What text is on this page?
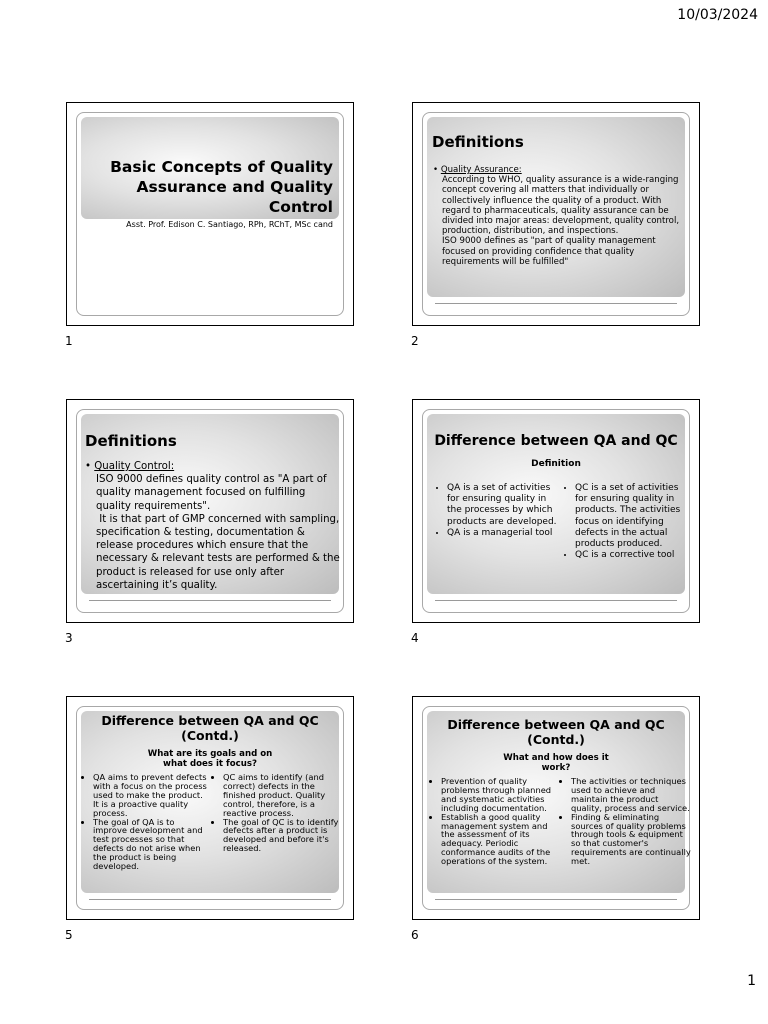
10/03/2024
Basic Concepts of Quality Assurance and Quality Control
Asst. Prof. Edison C. Santiago, RPh, RChT, MSc cand
1
Definitions
• Quality Assurance:
According to WHO, quality assurance is a wide-ranging concept covering all matters that individually or collectively influence the quality of a product. With regard to pharmaceuticals, quality assurance can be divided into major areas: development, quality control, production, distribution, and inspections.
ISO 9000 defines as "part of quality management focused on providing confidence that quality requirements will be fulfilled"
2
Definitions
• Quality Control:
ISO 9000 defines quality control as "A part of quality management focused on fulfilling quality requirements".
It is that part of GMP concerned with sampling, specification & testing, documentation & release procedures which ensure that the necessary & relevant tests are performed & the product is released for use only after ascertaining it’s quality.
3
Difference between QA and QC
Definition
• QA is a set of activities for ensuring quality in the processes by which products are developed.
• QA is a managerial tool
• QC is a set of activities for ensuring quality in products. The activities focus on identifying defects in the actual products produced.
• QC is a corrective tool
4
Difference between QA and QC (Contd.)
What are its goals and on what does it focus?
• QA aims to prevent defects with a focus on the process used to make the product. It is a proactive quality process.
• The goal of QA is to improve development and test processes so that defects do not arise when the product is being developed.
• QC aims to identify (and correct) defects in the finished product. Quality control, therefore, is a reactive process.
• The goal of QC is to identify defects after a product is developed and before it's released.
5
Difference between QA and QC (Contd.)
What and how does it work?
• Prevention of quality problems through planned and systematic activities including documentation.
• Establish a good quality management system and the assessment of its adequacy. Periodic conformance audits of the operations of the system.
• The activities or techniques used to achieve and maintain the product quality, process and service.
• Finding & eliminating sources of quality problems through tools & equipment so that customer's requirements are continually met.
6
1
